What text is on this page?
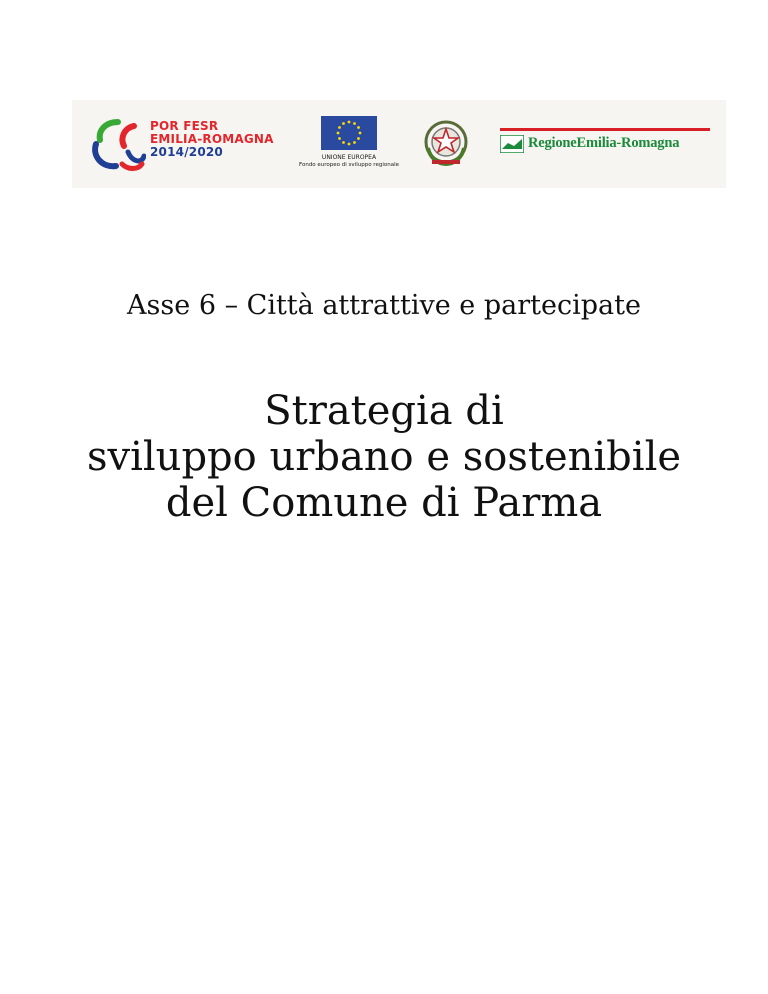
POR FESR
EMILIA-ROMAGNA
2014/2020	UNIONE EUROPEA
Fondo europeo di sviluppo regionale
RegioneEmilia-Romagna
Asse 6 – Città attrattive e partecipate
Strategia di
sviluppo urbano e sostenibile
del Comune di Parma
